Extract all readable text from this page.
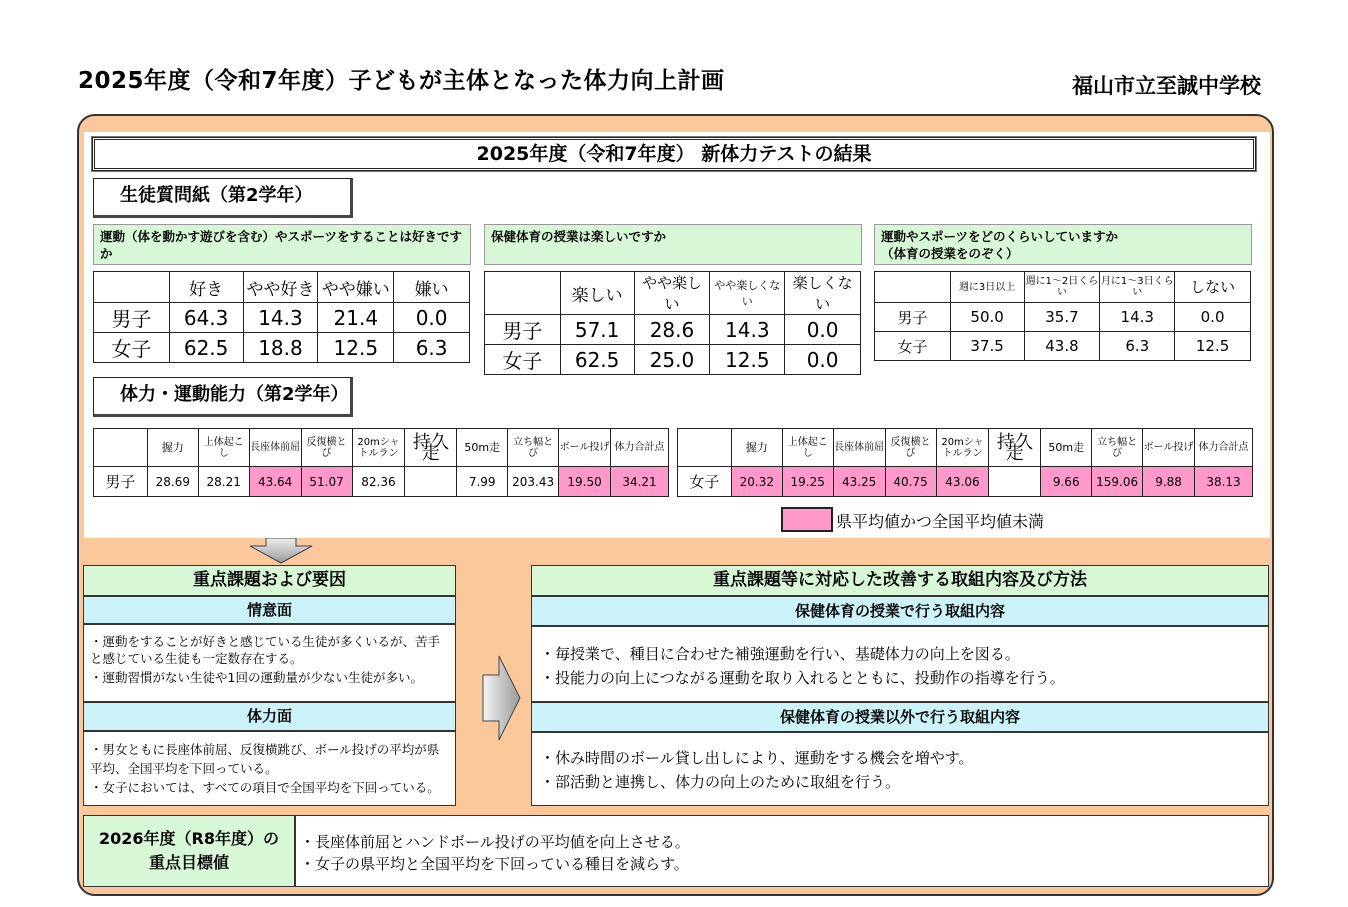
2025年度（令和7年度）子どもが主体となった体力向上計画	福山市立至誠中学校
2025年度（令和7年度） 新体力テストの結果
生徒質問紙（第2学年）
運動（体を動かす遊びを含む）やスポーツをすることは好きですか
	好き	やや好き	やや嫌い	嫌い
男子	64.3	14.3	21.4	0.0
女子	62.5	18.8	12.5	6.3
保健体育の授業は楽しいですか
	楽しい	やや楽しい	やや楽しくない	楽しくない
男子	57.1	28.6	14.3	0.0
女子	62.5	25.0	12.5	0.0
運動やスポーツをどのくらいしていますか
（体育の授業をのぞく）
	週に3日以上	週に1～2日くらい	月に1～3日くらい	しない
男子	50.0	35.7	14.3	0.0
女子	37.5	43.8	6.3	12.5
体力・運動能力（第2学年）
	握力	上体起こし	長座体前屈	反復横とび	20mシャトルラン	持久走	50m走	立ち幅とび	ボール投げ	体力合計点
男子	28.69	28.21	43.64	51.07	82.36		7.99	203.43	19.50	34.21
	握力	上体起こし	長座体前屈	反復横とび	20mシャトルラン	持久走	50m走	立ち幅とび	ボール投げ	体力合計点
女子	20.32	19.25	43.25	40.75	43.06		9.66	159.06	9.88	38.13
県平均値かつ全国平均値未満
重点課題および要因
情意面
・運動をすることが好きと感じている生徒が多くいるが、苦手と感じている生徒も一定数存在する。
・運動習慣がない生徒や1回の運動量が少ない生徒が多い。
体力面
・男女ともに長座体前屈、反復横跳び、ボール投げの平均が県平均、全国平均を下回っている。
・女子においては、すべての項目で全国平均を下回っている。
重点課題等に対応した改善する取組内容及び方法
保健体育の授業で行う取組内容
・毎授業で、種目に合わせた補強運動を行い、基礎体力の向上を図る。
・投能力の向上につながる運動を取り入れるとともに、投動作の指導を行う。
保健体育の授業以外で行う取組内容
・休み時間のボール貸し出しにより、運動をする機会を増やす。
・部活動と連携し、体力の向上のために取組を行う。
2026年度（R8年度）の
重点目標値
・長座体前屈とハンドボール投げの平均値を向上させる。
・女子の県平均と全国平均を下回っている種目を減らす。
